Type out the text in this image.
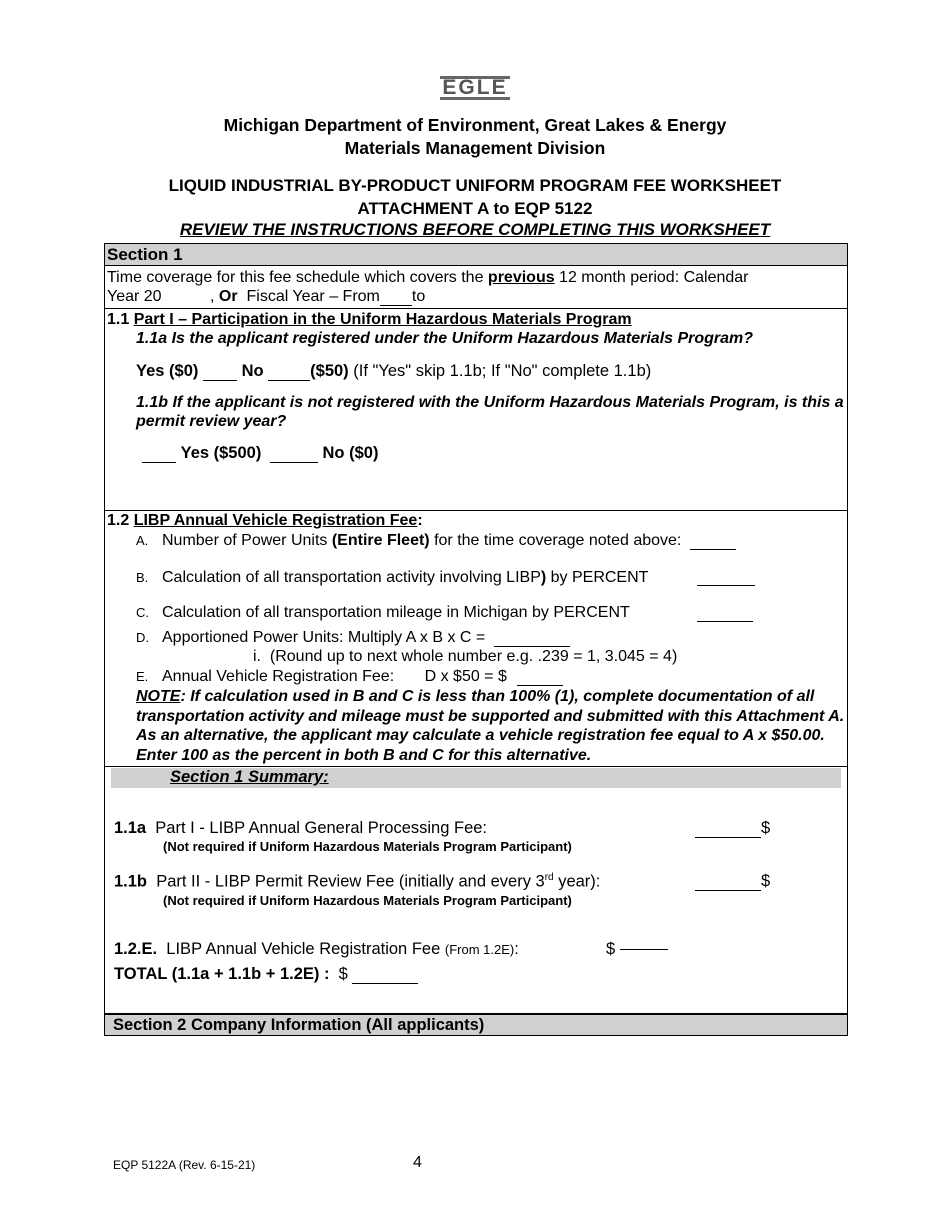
EGLE
Michigan Department of Environment, Great Lakes & Energy
Materials Management Division
LIQUID INDUSTRIAL BY-PRODUCT UNIFORM PROGRAM FEE WORKSHEET
ATTACHMENT A to EQP 5122
REVIEW THE INSTRUCTIONS BEFORE COMPLETING THIS WORKSHEET
Section 1
Time coverage for this fee schedule which covers the previous 12 month period: Calendar
Year 20	, Or Fiscal Year – From to
1.1 Part I – Participation in the Uniform Hazardous Materials Program
1.1a Is the applicant registered under the Uniform Hazardous Materials Program?
Yes ($0)	No	($50) (If "Yes" skip 1.1b; If "No" complete 1.1b)
1.1b If the applicant is not registered with the Uniform Hazardous Materials Program, is this a permit review year?
Yes ($500)	No ($0)
1.2 LIBP Annual Vehicle Registration Fee:
A. Number of Power Units (Entire Fleet) for the time coverage noted above:
B. Calculation of all transportation activity involving LIBP) by PERCENT
C. Calculation of all transportation mileage in Michigan by PERCENT
D. Apportioned Power Units: Multiply A x B x C =
i. (Round up to next whole number e.g. .239 = 1, 3.045 = 4)
E. Annual Vehicle Registration Fee: D x $50 = $
NOTE: If calculation used in B and C is less than 100% (1), complete documentation of all transportation activity and mileage must be supported and submitted with this Attachment A. As an alternative, the applicant may calculate a vehicle registration fee equal to A x $50.00. Enter 100 as the percent in both B and C for this alternative.
Section 1 Summary:
1.1a Part I - LIBP Annual General Processing Fee:
(Not required if Uniform Hazardous Materials Program Participant)
$
1.1b Part II - LIBP Permit Review Fee (initially and every 3rd year):
(Not required if Uniform Hazardous Materials Program Participant)
$
1.2.E. LIBP Annual Vehicle Registration Fee (From 1.2E):	$
TOTAL (1.1a + 1.1b + 1.2E) : $
Section 2 Company Information (All applicants)
EQP 5122A (Rev. 6-15-21)	4
